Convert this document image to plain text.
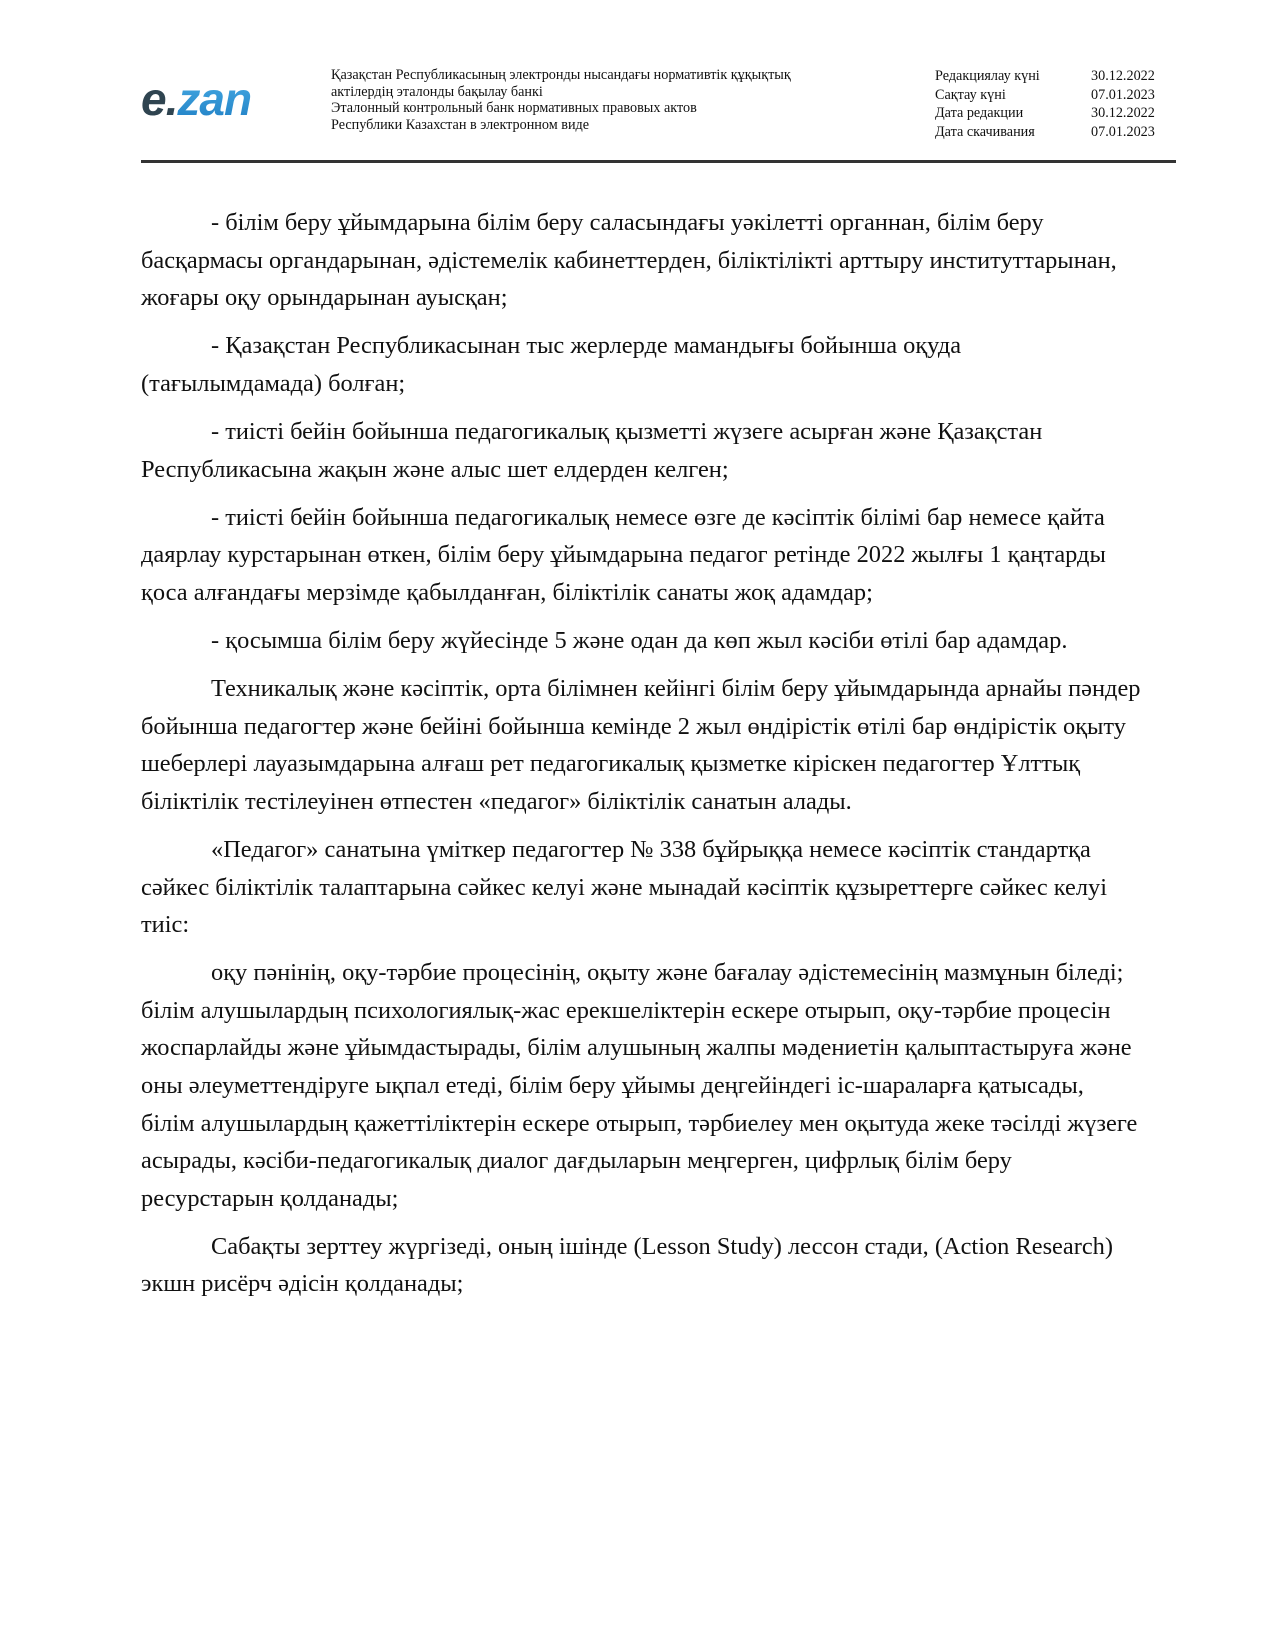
e.zan	Қазақстан Республикасының электронды нысандағы нормативтік құқықтық
актілердің эталонды бақылау банкі
Эталонный контрольный банк нормативных правовых актов
Республики Казахстан в электронном виде
Редакциялау күні	30.12.2022
Сақтау күні	07.01.2023
Дата редакции	30.12.2022
Дата скачивания	07.01.2023

- білім беру ұйымдарына білім беру саласындағы уәкілетті органнан, білім беру басқармасы органдарынан, әдістемелік кабинеттерден, біліктілікті арттыру институттарынан, жоғары оқу орындарынан ауысқан;

- Қазақстан Республикасынан тыс жерлерде мамандығы бойынша оқуда (тағылымдамада) болған;

- тиісті бейін бойынша педагогикалық қызметті жүзеге асырған және Қазақстан Республикасына жақын және алыс шет елдерден келген;

- тиісті бейін бойынша педагогикалық немесе өзге де кәсіптік білімі бар немесе қайта даярлау курстарынан өткен, білім беру ұйымдарына педагог ретінде 2022 жылғы 1 қаңтарды қоса алғандағы мерзімде қабылданған, біліктілік санаты жоқ адамдар;

- қосымша білім беру жүйесінде 5 және одан да көп жыл кәсіби өтілі бар адамдар.

Техникалық және кәсіптік, орта білімнен кейінгі білім беру ұйымдарында арнайы пәндер бойынша педагогтер және бейіні бойынша кемінде 2 жыл өндірістік өтілі бар өндірістік оқыту шеберлері лауазымдарына алғаш рет педагогикалық қызметке кіріскен педагогтер Ұлттық біліктілік тестілеуінен өтпестен «педагог» біліктілік санатын алады.

«Педагог» санатына үміткер педагогтер № 338 бұйрыққа немесе кәсіптік стандартқа сәйкес біліктілік талаптарына сәйкес келуі және мынадай кәсіптік құзыреттерге сәйкес келуі тиіс:

оқу пәнінің, оқу-тәрбие процесінің, оқыту және бағалау әдістемесінің мазмұнын біледі; білім алушылардың психологиялық-жас ерекшеліктерін ескере отырып, оқу-тәрбие процесін жоспарлайды және ұйымдастырады, білім алушының жалпы мәдениетін қалыптастыруға және оны әлеуметтендіруге ықпал етеді, білім беру ұйымы деңгейіндегі іс-шараларға қатысады, білім алушылардың қажеттіліктерін ескере отырып, тәрбиелеу мен оқытуда жеке тәсілді жүзеге асырады, кәсіби-педагогикалық диалог дағдыларын меңгерген, цифрлық білім беру ресурстарын қолданады;

Сабақты зерттеу жүргізеді, оның ішінде (Lesson Study) лессон стади, (Action Research) экшн рисёрч әдісін қолданады;
